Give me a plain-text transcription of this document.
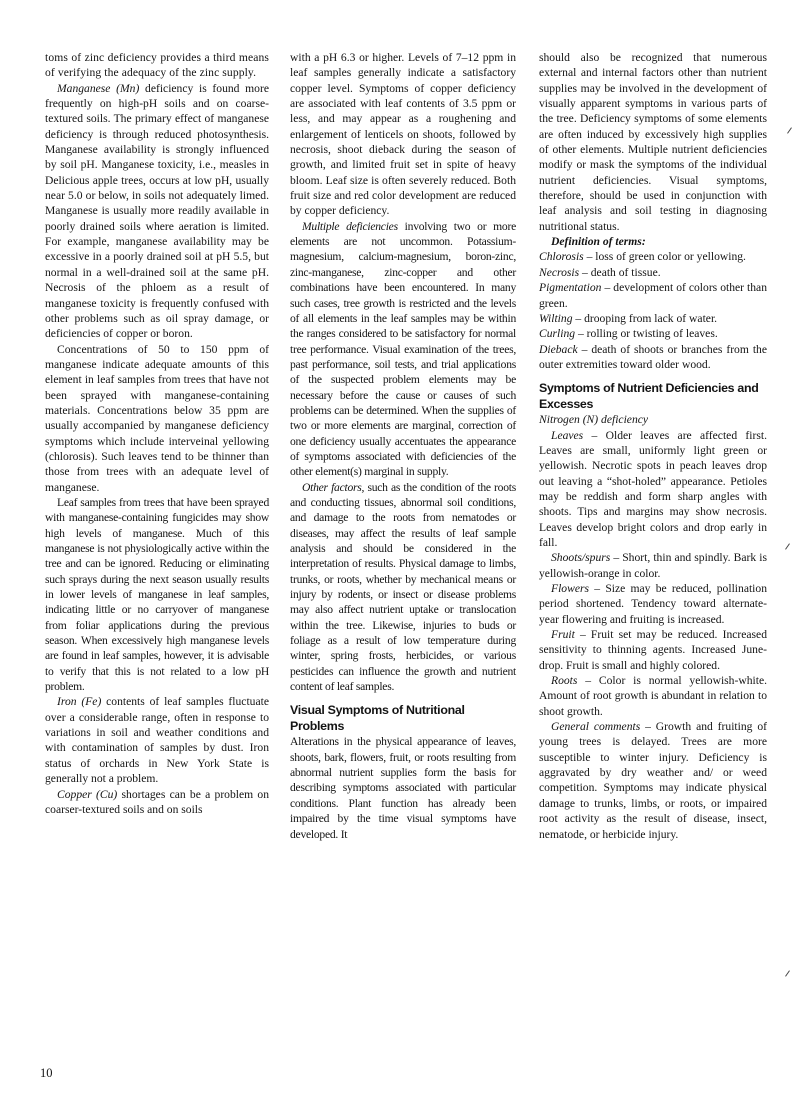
toms of zinc deficiency provides a third means of verifying the adequacy of the zinc supply.

Manganese (Mn) deficiency is found more frequently on high-pH soils and on coarse-textured soils. The primary effect of manganese deficiency is through reduced photosynthesis. Manganese availability is strongly influenced by soil pH. Manganese toxicity, i.e., measles in Delicious apple trees, occurs at low pH, usually near 5.0 or below, in soils not adequately limed. Manganese is usually more readily available in poorly drained soils where aeration is limited. For example, manganese availability may be excessive in a poorly drained soil at pH 5.5, but normal in a well-drained soil at the same pH. Necrosis of the phloem as a result of manganese toxicity is frequently confused with other problems such as oil spray damage, or deficiencies of copper or boron.

Concentrations of 50 to 150 ppm of manganese indicate adequate amounts of this element in leaf samples from trees that have not been sprayed with manganese-containing materials. Concentrations below 35 ppm are usually accompanied by manganese deficiency symptoms which include interveinal yellowing (chlorosis). Such leaves tend to be thinner than those from trees with an adequate level of manganese.

Leaf samples from trees that have been sprayed with manganese-containing fungicides may show high levels of manganese. Much of this manganese is not physiologically active within the tree and can be ignored. Reducing or eliminating such sprays during the next season usually results in lower levels of manganese in leaf samples, indicating little or no carryover of manganese from foliar applications during the previous season. When excessively high manganese levels are found in leaf samples, however, it is advisable to verify that this is not related to a low pH problem.

Iron (Fe) contents of leaf samples fluctuate over a considerable range, often in response to variations in soil and weather conditions and with contamination of samples by dust. Iron status of orchards in New York State is generally not a problem.

Copper (Cu) shortages can be a problem on coarser-textured soils and on soils

with a pH 6.3 or higher. Levels of 7–12 ppm in leaf samples generally indicate a satisfactory copper level. Symptoms of copper deficiency are associated with leaf contents of 3.5 ppm or less, and may appear as a roughening and enlargement of lenticels on shoots, followed by necrosis, shoot dieback during the season of growth, and limited fruit set in spite of heavy bloom. Leaf size is often severely reduced. Both fruit size and red color development are reduced by copper deficiency.

Multiple deficiencies involving two or more elements are not uncommon. Potassium-magnesium, calcium-magnesium, boron-zinc, zinc-manganese, zinc-copper and other combinations have been encountered. In many such cases, tree growth is restricted and the levels of all elements in the leaf samples may be within the ranges considered to be satisfactory for normal tree performance. Visual examination of the trees, past performance, soil tests, and trial applications of the suspected problem elements may be necessary before the cause or causes of such problems can be determined. When the supplies of two or more elements are marginal, correction of one deficiency usually accentuates the appearance of symptoms associated with deficiencies of the other element(s) marginal in supply.

Other factors, such as the condition of the roots and conducting tissues, abnormal soil conditions, and damage to the roots from nematodes or diseases, may affect the results of leaf sample analysis and should be considered in the interpretation of results. Physical damage to limbs, trunks, or roots, whether by mechanical means or injury by rodents, or insect or disease problems may also affect nutrient uptake or translocation within the tree. Likewise, injuries to buds or foliage as a result of low temperature during winter, spring frosts, herbicides, or various pesticides can influence the growth and nutrient content of leaf samples.

Visual Symptoms of Nutritional Problems

Alterations in the physical appearance of leaves, shoots, bark, flowers, fruit, or roots resulting from abnormal nutrient supplies form the basis for describing symptoms associated with particular conditions. Plant function has already been impaired by the time visual symptoms have developed. It

should also be recognized that numerous external and internal factors other than nutrient supplies may be involved in the development of visually apparent symptoms in various parts of the tree. Deficiency symptoms of some elements are often induced by excessively high supplies of other elements. Multiple nutrient deficiencies modify or mask the symptoms of the individual nutrient deficiencies. Visual symptoms, therefore, should be used in conjunction with leaf analysis and soil testing in diagnosing nutritional status.

Definition of terms:

Chlorosis – loss of green color or yellowing.

Necrosis – death of tissue.

Pigmentation – development of colors other than green.

Wilting – drooping from lack of water.

Curling – rolling or twisting of leaves.

Dieback – death of shoots or branches from the outer extremities toward older wood.

Symptoms of Nutrient Deficiencies and Excesses

Nitrogen (N) deficiency

Leaves – Older leaves are affected first. Leaves are small, uniformly light green or yellowish. Necrotic spots in peach leaves drop out leaving a “shot-holed” appearance. Petioles may be reddish and form sharp angles with shoots. Tips and margins may show necrosis. Leaves develop bright colors and drop early in fall.

Shoots/spurs – Short, thin and spindly. Bark is yellowish-orange in color.

Flowers – Size may be reduced, pollination period shortened. Tendency toward alternate-year flowering and fruiting is increased.

Fruit – Fruit set may be reduced. Increased sensitivity to thinning agents. Increased June-drop. Fruit is small and highly colored.

Roots – Color is normal yellowish-white. Amount of root growth is abundant in relation to shoot growth.

General comments – Growth and fruiting of young trees is delayed. Trees are more susceptible to winter injury. Deficiency is aggravated by dry weather and/ or weed competition. Symptoms may indicate physical damage to trunks, limbs, or roots, or impaired root activity as the result of disease, insect, nematode, or herbicide injury.

10
